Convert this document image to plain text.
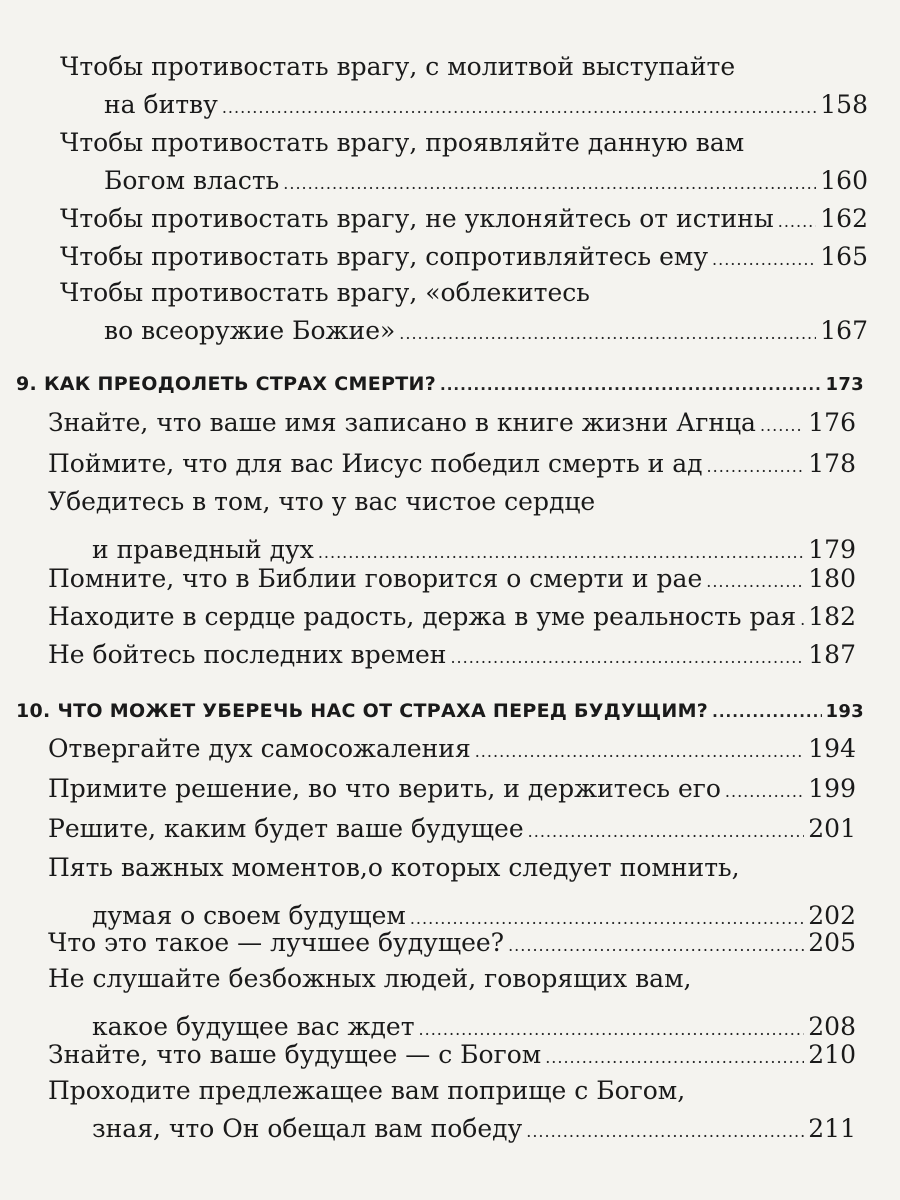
Чтобы противостать врагу, с молитвой выступайте
на битву .....	158
Чтобы противостать врагу, проявляйте данную вам
Богом власть .....	160
Чтобы противостать врагу, не уклоняйтесь от истины ..... 162
Чтобы противостать врагу, сопротивляйтесь ему .....	165
Чтобы противостать врагу, «облекитесь
во всеоружие Божие» .....	167
9. КАК ПРЕОДОЛЕТЬ СТРАХ СМЕРТИ? .....	173
Знайте, что ваше имя записано в книге жизни Агнца ..... 176
Поймите, что для вас Иисус победил смерть и ад .....	178
Убедитесь в том, что у вас чистое сердце
и праведный дух .....	179
Помните, что в Библии говорится о смерти и рае .....	180
Находите в сердце радость, держа в уме реальность рая ..... 182
Не бойтесь последних времен .....	187
10. ЧТО МОЖЕТ УБЕРЕЧЬ НАС ОТ СТРАХА ПЕРЕД БУДУЩИМ? .....	193
Отвергайте дух самосожаления .....	194
Примите решение, во что верить, и держитесь его .....	199
Решите, каким будет ваше будущее .....	201
Пять важных моментов,о которых следует помнить,
думая о своем будущем .....	202
Что это такое — лучшее будущее? .....	205
Не слушайте безбожных людей, говорящих вам,
какое будущее вас ждет .....	208
Знайте, что ваше будущее — с Богом .....	210
Проходите предлежащее вам поприще с Богом,
зная, что Он обещал вам победу .....	211
